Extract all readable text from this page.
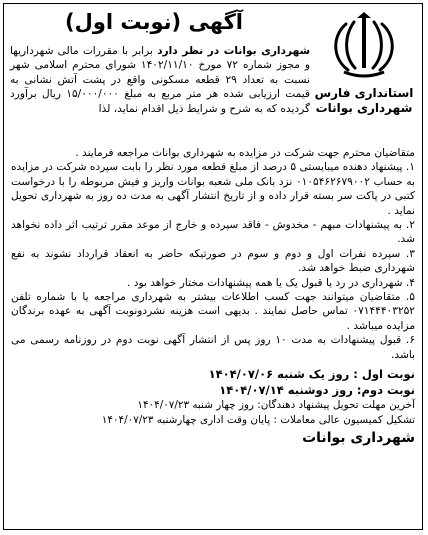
آگهی (نوبت اول)
استانداری فارس
شهرداری بوانات
شهرداری بوانات در نظر دارد برابر با مقررات مالی شهرداریها و مجوز شماره ۷۲ مورخ ۱۴۰۲/۱۱/۱۰ شورای محترم اسلامی شهر نسبت به تعداد ۲۹ قطعه مسکونی واقع در پشت آتش نشانی به قیمت ارزیابی شده هر متر مربع به مبلغ ۱۵/۰۰۰/۰۰۰ ریال برآورد گردیده که به شرح و شرایط ذیل اقدام نماید، لذا

متقاضیان محترم جهت شرکت در مزایده به شهرداری بوانات مراجعه فرمایند .

۱. پیشنهاد دهنده میبایستی ۵ درصد از مبلغ قطعه مورد نظر را بابت سپرده شرکت در مزایده به حساب ۰۱۰۵۴۶۲۶۷۹۰۰۲ نزد بانک ملی شعبه بوانات واریز و فیش مربوطه را با درخواست کتبی در پاکت سر بسته قرار داده و از تاریخ انتشار آگهی به مدت ده روز به شهرداری تحویل نماید .

۲. به پیشنهادات مبهم - مخدوش - فاقد سپرده و خارج از موعد مقرر ترتیب اثر داده نخواهد شد.

۳. سپرده نفرات اول و دوم و سوم در صورتیکه حاضر به انعقاد قرارداد نشوند به نفع شهرداری ضبط خواهد شد.

۴. شهرداری در رد یا قبول یک یا همه پیشنهادات مختار خواهد بود .

۵. متقاضیان میتوانند جهت کسب اطلاعات بیشتر به شهرداری مراجعه یا با شماره تلفن ۰۷۱۴۴۴۰۳۲۵۲ تماس حاصل نمایند . بدیهی است هزینه نشردونوبت آگهی به عهده برندگان مزایده میباشد .

۶. قبول پیشنهادات به مدت ۱۰ روز پس از انتشار آگهی نوبت دوم در روزنامه رسمی می باشد.

نوبت اول : روز یک شنبه ۱۴۰۴/۰۷/۰۶
نوبت دوم: روز دوشنبه ۱۴۰۴/۰۷/۱۴
آخرین مهلت تحویل پیشنهاد دهندگان: روز چهار شنبه ۱۴۰۴/۰۷/۲۳
تشکیل کمیسیون عالی معاملات : پایان وقت اداری چهارشنبه ۱۴۰۴/۰۷/۲۳
شهرداری بوانات
